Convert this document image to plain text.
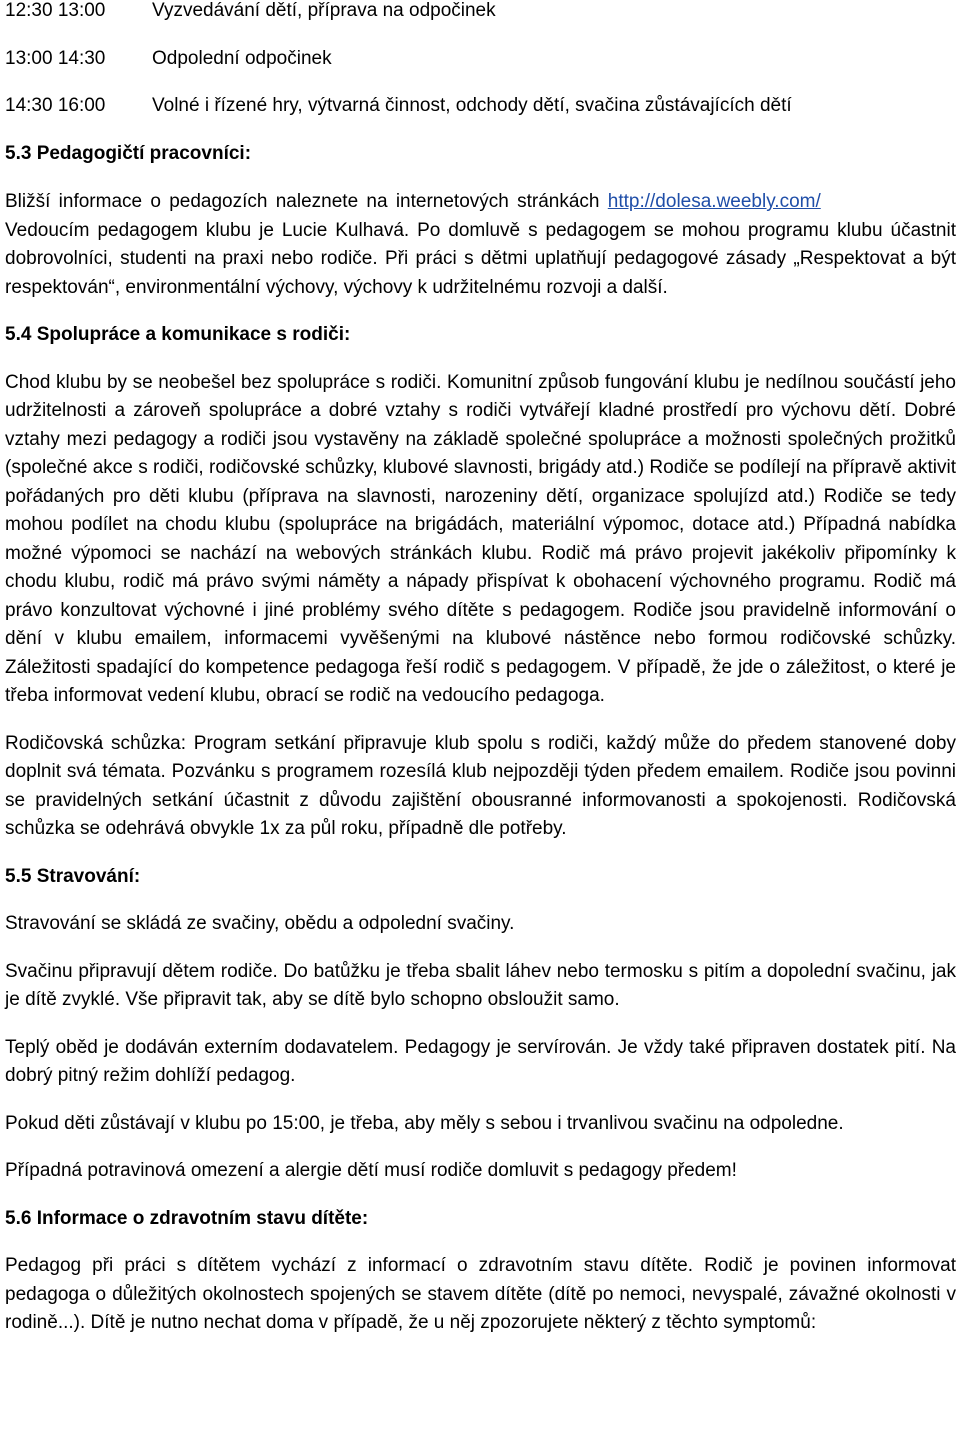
12:30 13:00 Vyzvedávání dětí, příprava na odpočinek
13:00 14:30 Odpolední odpočinek
14:30 16:00 Volné i řízené hry, výtvarná činnost, odchody dětí, svačina zůstávajících dětí
5.3 Pedagogičtí pracovníci:

Bližší informace o pedagozích naleznete na internetových stránkách http://dolesa.weebly.com/

Vedoucím pedagogem klubu je Lucie Kulhavá. Po domluvě s pedagogem se mohou programu klubu účastnit dobrovolníci, studenti na praxi nebo rodiče. Při práci s dětmi uplatňují pedagogové zásady „Respektovat a být respektován“, environmentální výchovy, výchovy k udržitelnému rozvoji a další.

5.4 Spolupráce a komunikace s rodiči:

Chod klubu by se neobešel bez spolupráce s rodiči. Komunitní způsob fungování klubu je nedílnou součástí jeho udržitelnosti a zároveň spolupráce a dobré vztahy s rodiči vytvářejí kladné prostředí pro výchovu dětí. Dobré vztahy mezi pedagogy a rodiči jsou vystavěny na základě společné spolupráce a možnosti společných prožitků (společné akce s rodiči, rodičovské schůzky, klubové slavnosti, brigády atd.) Rodiče se podílejí na přípravě aktivit pořádaných pro děti klubu (příprava na slavnosti, narozeniny dětí, organizace spolujízd atd.) Rodiče se tedy mohou podílet na chodu klubu (spolupráce na brigádách, materiální výpomoc, dotace atd.) Případná nabídka možné výpomoci se nachází na webových stránkách klubu. Rodič má právo projevit jakékoliv připomínky k chodu klubu, rodič má právo svými náměty a nápady přispívat k obohacení výchovného programu. Rodič má právo konzultovat výchovné i jiné problémy svého dítěte s pedagogem. Rodiče jsou pravidelně informování o dění v klubu emailem, informacemi vyvěšenými na klubové nástěnce nebo formou rodičovské schůzky. Záležitosti spadající do kompetence pedagoga řeší rodič s pedagogem. V případě, že jde o záležitost, o které je třeba informovat vedení klubu, obrací se rodič na vedoucího pedagoga.

Rodičovská schůzka: Program setkání připravuje klub spolu s rodiči, každý může do předem stanovené doby doplnit svá témata. Pozvánku s programem rozesílá klub nejpozději týden předem emailem. Rodiče jsou povinni se pravidelných setkání účastnit z důvodu zajištění obousranné informovanosti a spokojenosti. Rodičovská schůzka se odehrává obvykle 1x za půl roku, případně dle potřeby.

5.5 Stravování:

Stravování se skládá ze svačiny, obědu a odpolední svačiny.

Svačinu připravují dětem rodiče. Do batůžku je třeba sbalit láhev nebo termosku s pitím a dopolední svačinu, jak je dítě zvyklé. Vše připravit tak, aby se dítě bylo schopno obsloužit samo.

Teplý oběd je dodáván externím dodavatelem. Pedagogy je servírován. Je vždy také připraven dostatek pití. Na dobrý pitný režim dohlíží pedagog.

Pokud děti zůstávají v klubu po 15:00, je třeba, aby měly s sebou i trvanlivou svačinu na odpoledne.

Případná potravinová omezení a alergie dětí musí rodiče domluvit s pedagogy předem!

5.6 Informace o zdravotním stavu dítěte:

Pedagog při práci s dítětem vychází z informací o zdravotním stavu dítěte. Rodič je povinen informovat pedagoga o důležitých okolnostech spojených se stavem dítěte (dítě po nemoci, nevyspalé, závažné okolnosti v rodině...). Dítě je nutno nechat doma v případě, že u něj zpozorujete některý z těchto symptomů:
